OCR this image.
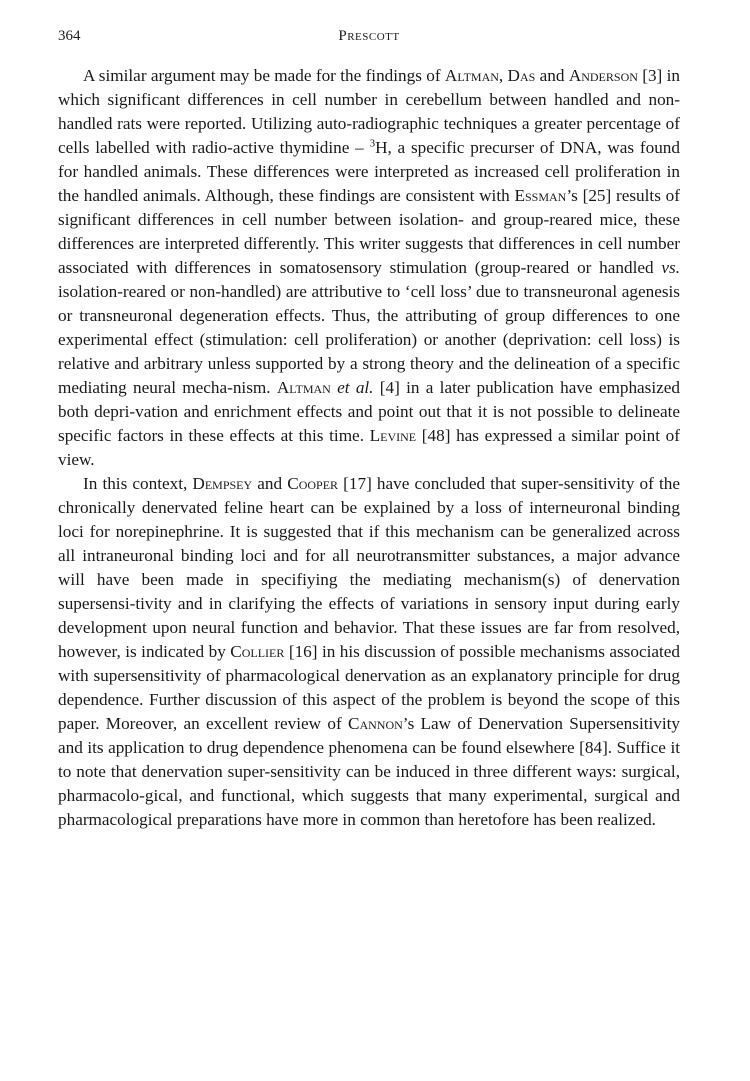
364	Prescott

A similar argument may be made for the findings of Altman, Das and Anderson [3] in which significant differences in cell number in cerebellum between handled and non-handled rats were reported. Utilizing auto-radiographic techniques a greater percentage of cells labelled with radio-active thymidine – $^3$H, a specific precurser of DNA, was found for handled animals. These differences were interpreted as increased cell proliferation in the handled animals. Although, these findings are consistent with Essman’s [25] results of significant differences in cell number between isolation- and group-reared mice, these differences are interpreted differently. This writer suggests that differences in cell number associated with differences in somatosensory stimulation (group-reared or handled vs. isolation-reared or non-handled) are attributive to ‘cell loss’ due to transneuronal agenesis or transneuronal degeneration effects. Thus, the attributing of group differences to one experimental effect (stimulation: cell proliferation) or another (deprivation: cell loss) is relative and arbitrary unless supported by a strong theory and the delineation of a specific mediating neural mecha-nism. Altman et al. [4] in a later publication have emphasized both depri-vation and enrichment effects and point out that it is not possible to delineate specific factors in these effects at this time. Levine [48] has expressed a similar point of view.

In this context, Dempsey and Cooper [17] have concluded that super-sensitivity of the chronically denervated feline heart can be explained by a loss of interneuronal binding loci for norepinephrine. It is suggested that if this mechanism can be generalized across all intraneuronal binding loci and for all neurotransmitter substances, a major advance will have been made in specifiying the mediating mechanism(s) of denervation supersensi-tivity and in clarifying the effects of variations in sensory input during early development upon neural function and behavior. That these issues are far from resolved, however, is indicated by Collier [16] in his discussion of possible mechanisms associated with supersensitivity of pharmacological denervation as an explanatory principle for drug dependence. Further discussion of this aspect of the problem is beyond the scope of this paper. Moreover, an excellent review of Cannon’s Law of Denervation Supersensitivity and its application to drug dependence phenomena can be found elsewhere [84]. Suffice it to note that denervation super-sensitivity can be induced in three different ways: surgical, pharmacolo-gical, and functional, which suggests that many experimental, surgical and pharmacological preparations have more in common than heretofore has been realized.
